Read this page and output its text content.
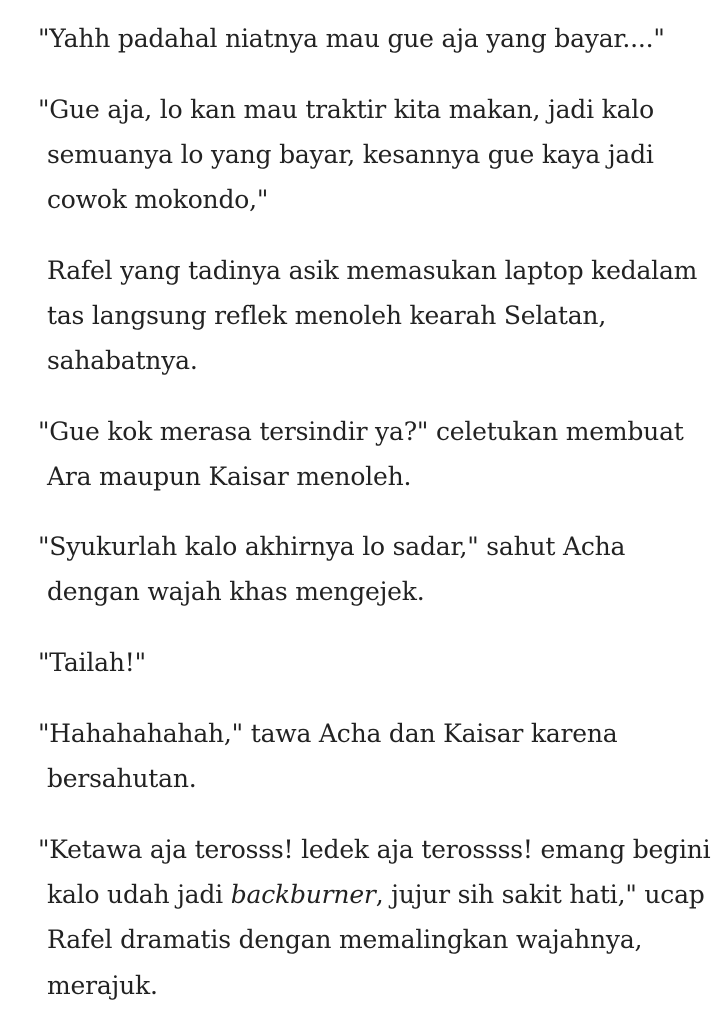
"Yahh padahal niatnya mau gue aja yang bayar...."
"Gue aja, lo kan mau traktir kita makan, jadi kalo
semuanya lo yang bayar, kesannya gue kaya jadi
cowok mokondo,"
Rafel yang tadinya asik memasukan laptop kedalam
tas langsung reflek menoleh kearah Selatan,
sahabatnya.
"Gue kok merasa tersindir ya?" celetukan membuat
Ara maupun Kaisar menoleh.
"Syukurlah kalo akhirnya lo sadar," sahut Acha
dengan wajah khas mengejek.
"Tailah!"
"Hahahahahah," tawa Acha dan Kaisar karena
bersahutan.
"Ketawa aja terosss! ledek aja terossss! emang begini
kalo udah jadi backburner, jujur sih sakit hati," ucap
Rafel dramatis dengan memalingkan wajahnya,
merajuk.
